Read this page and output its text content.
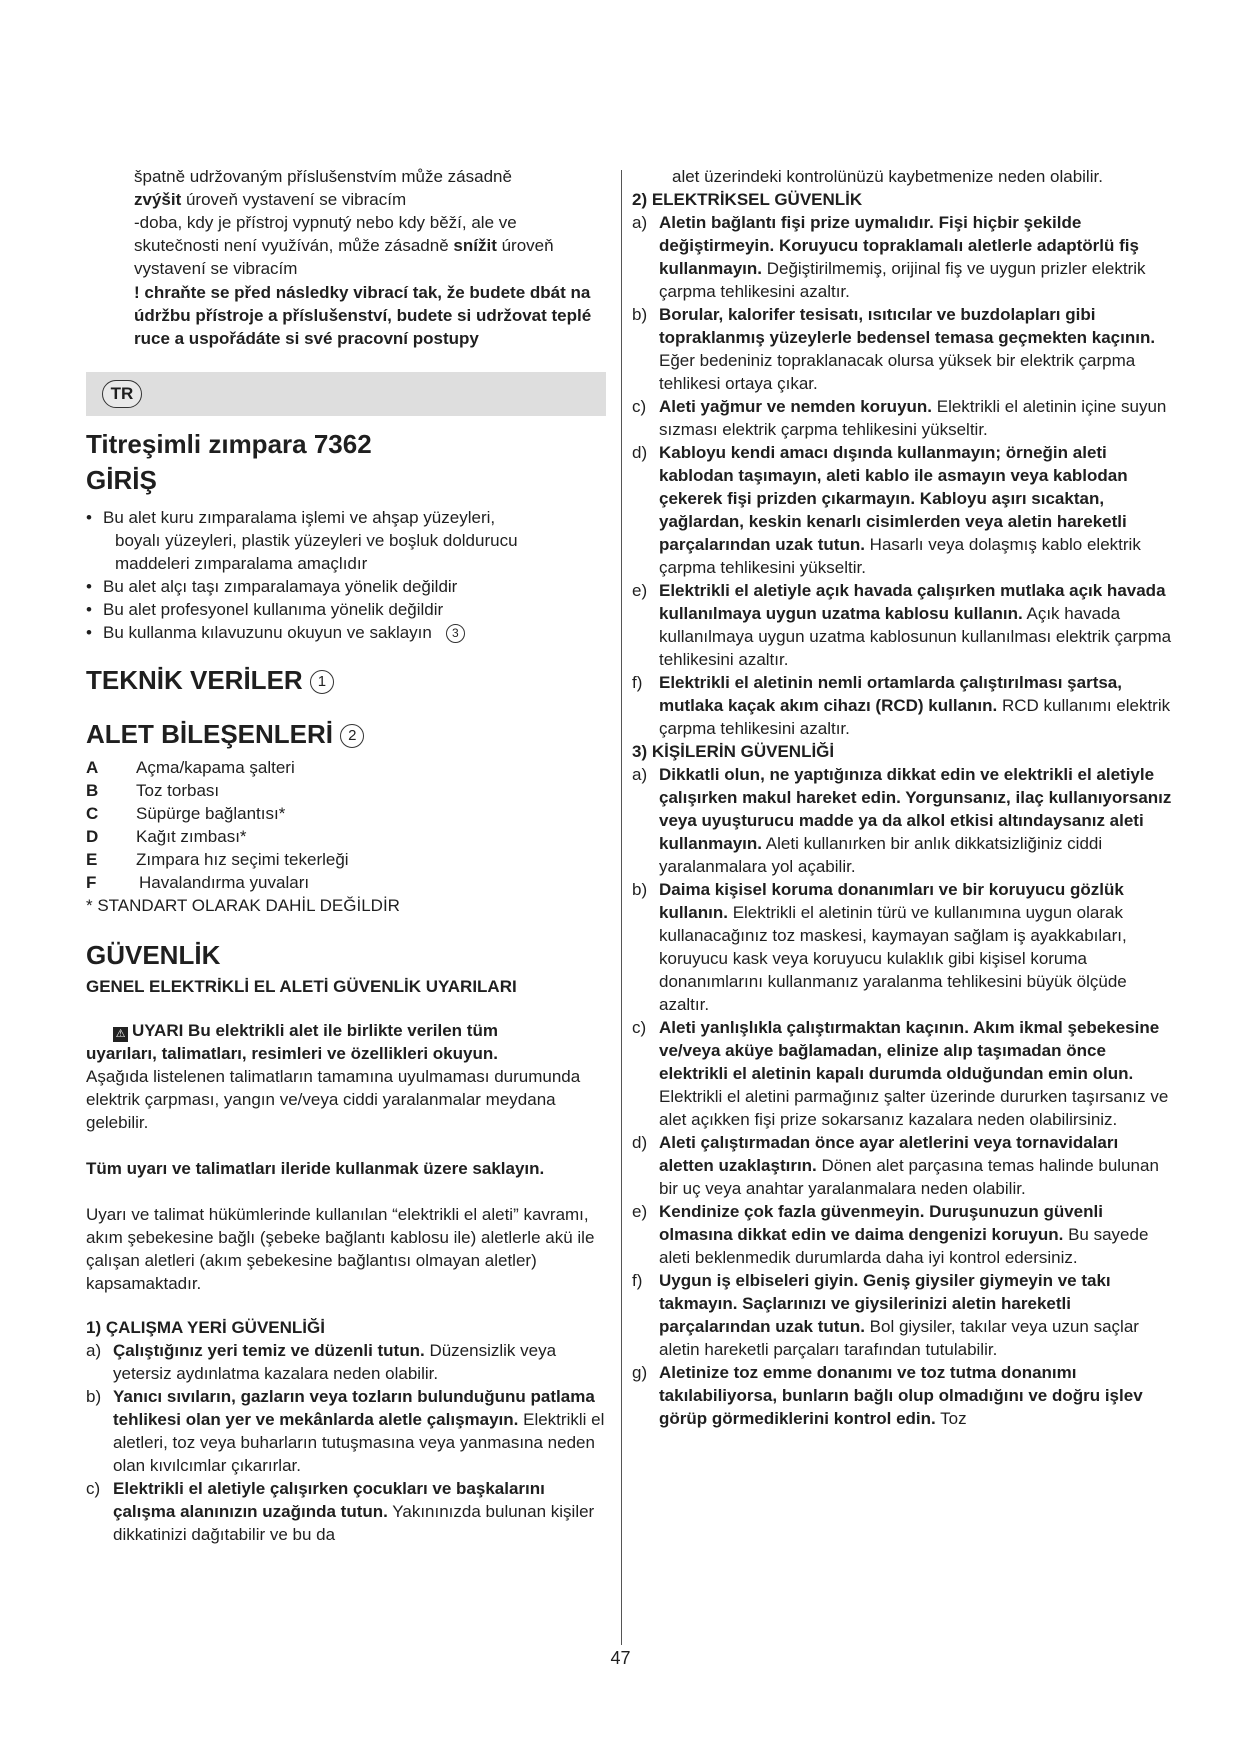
špatně udržovaným příslušenstvím může zásadně

zvýšit úroveň vystavení se vibracím

-doba, kdy je přístroj vypnutý nebo kdy běží, ale ve

skutečnosti není využíván, může zásadně snížit úroveň

vystavení se vibracím

! chraňte se před následky vibrací tak, že budete dbát na údržbu přístroje a příslušenství, budete si udržovat teplé ruce a uspořádáte si své pracovní postupy

TR
Titreşimli zımpara 7362
GİRİŞ
• Bu alet kuru zımparalama işlemi ve ahşap yüzeyleri,
boyalı yüzeyleri, plastik yüzeyleri ve boşluk doldurucu
maddeleri zımparalama amaçlıdır
• Bu alet alçı taşı zımparalamaya yönelik değildir
• Bu alet profesyonel kullanıma yönelik değildir
• Bu kullanma kılavuzunu okuyun ve saklayın 3
TEKNİK VERİLER 1
ALET BİLEŞENLERİ 2
A	Açma/kapama şalteri
B	Toz torbası
C	Süpürge bağlantısı*
D	Kağıt zımbası*
E	Zımpara hız seçimi tekerleği
F	Havalandırma yuvaları

* STANDART OLARAK DAHİL DEĞİLDİR

GÜVENLİK

GENEL ELEKTRİKLİ EL ALETİ GÜVENLİK UYARILARI

⚠ UYARI Bu elektrikli alet ile birlikte verilen tüm

uyarıları, talimatları, resimleri ve özellikleri okuyun.

Aşağıda listelenen talimatların tamamına uyulmaması durumunda elektrik çarpması, yangın ve/veya ciddi yaralanmalar meydana gelebilir.

Tüm uyarı ve talimatları ileride kullanmak üzere saklayın.

Uyarı ve talimat hükümlerinde kullanılan “elektrikli el aleti” kavramı, akım şebekesine bağlı (şebeke bağlantı kablosu ile) aletlerle akü ile çalışan aletleri (akım şebekesine bağlantısı olmayan aletler) kapsamaktadır.

1) ÇALIŞMA YERİ GÜVENLİĞİ

a) Çalıştığınız yeri temiz ve düzenli tutun. Düzensizlik veya yetersiz aydınlatma kazalara neden olabilir.
b) Yanıcı sıvıların, gazların veya tozların bulunduğunu patlama tehlikesi olan yer ve mekânlarda aletle çalışmayın. Elektrikli el aletleri, toz veya buharların tutuşmasına veya yanmasına neden olan kıvılcımlar çıkarırlar.
c) Elektrikli el aletiyle çalışırken çocukları ve başkalarını çalışma alanınızın uzağında tutun. Yakınınızda bulunan kişiler dikkatinizi dağıtabilir ve bu da

alet üzerindeki kontrolünüzü kaybetmenize neden olabilir.

2) ELEKTRİKSEL GÜVENLİK

a) Aletin bağlantı fişi prize uymalıdır. Fişi hiçbir şekilde değiştirmeyin. Koruyucu topraklamalı aletlerle adaptörlü fiş kullanmayın. Değiştirilmemiş, orijinal fiş ve uygun prizler elektrik çarpma tehlikesini azaltır.
b) Borular, kalorifer tesisatı, ısıtıcılar ve buzdolapları gibi topraklanmış yüzeylerle bedensel temasa geçmekten kaçının. Eğer bedeniniz topraklanacak olursa yüksek bir elektrik çarpma tehlikesi ortaya çıkar.
c) Aleti yağmur ve nemden koruyun. Elektrikli el aletinin içine suyun sızması elektrik çarpma tehlikesini yükseltir.
d) Kabloyu kendi amacı dışında kullanmayın; örneğin aleti kablodan taşımayın, aleti kablo ile asmayın veya kablodan çekerek fişi prizden çıkarmayın. Kabloyu aşırı sıcaktan, yağlardan, keskin kenarlı cisimlerden veya aletin hareketli parçalarından uzak tutun. Hasarlı veya dolaşmış kablo elektrik çarpma tehlikesini yükseltir.
e) Elektrikli el aletiyle açık havada çalışırken mutlaka açık havada kullanılmaya uygun uzatma kablosu kullanın. Açık havada kullanılmaya uygun uzatma kablosunun kullanılması elektrik çarpma tehlikesini azaltır.
f) Elektrikli el aletinin nemli ortamlarda çalıştırılması şartsa, mutlaka kaçak akım cihazı (RCD) kullanın. RCD kullanımı elektrik çarpma tehlikesini azaltır.

3) KİŞİLERİN GÜVENLİĞİ

a) Dikkatli olun, ne yaptığınıza dikkat edin ve elektrikli el aletiyle çalışırken makul hareket edin. Yorgunsanız, ilaç kullanıyorsanız veya uyuşturucu madde ya da alkol etkisi altındaysanız aleti kullanmayın. Aleti kullanırken bir anlık dikkatsizliğiniz ciddi yaralanmalara yol açabilir.
b) Daima kişisel koruma donanımları ve bir koruyucu gözlük kullanın. Elektrikli el aletinin türü ve kullanımına uygun olarak kullanacağınız toz maskesi, kaymayan sağlam iş ayakkabıları, koruyucu kask veya koruyucu kulaklık gibi kişisel koruma donanımlarını kullanmanız yaralanma tehlikesini büyük ölçüde azaltır.
c) Aleti yanlışlıkla çalıştırmaktan kaçının. Akım ikmal şebekesine ve/veya aküye bağlamadan, elinize alıp taşımadan önce elektrikli el aletinin kapalı durumda olduğundan emin olun. Elektrikli el aletini parmağınız şalter üzerinde dururken taşırsanız ve alet açıkken fişi prize sokarsanız kazalara neden olabilirsiniz.
d) Aleti çalıştırmadan önce ayar aletlerini veya tornavidaları aletten uzaklaştırın. Dönen alet parçasına temas halinde bulunan bir uç veya anahtar yaralanmalara neden olabilir.
e) Kendinize çok fazla güvenmeyin. Duruşunuzun güvenli olmasına dikkat edin ve daima dengenizi koruyun. Bu sayede aleti beklenmedik durumlarda daha iyi kontrol edersiniz.
f) Uygun iş elbiseleri giyin. Geniş giysiler giymeyin ve takı takmayın. Saçlarınızı ve giysilerinizi aletin hareketli parçalarından uzak tutun. Bol giysiler, takılar veya uzun saçlar aletin hareketli parçaları tarafından tutulabilir.
g) Aletinize toz emme donanımı ve toz tutma donanımı takılabiliyorsa, bunların bağlı olup olmadığını ve doğru işlev görüp görmediklerini kontrol edin. Toz
47
